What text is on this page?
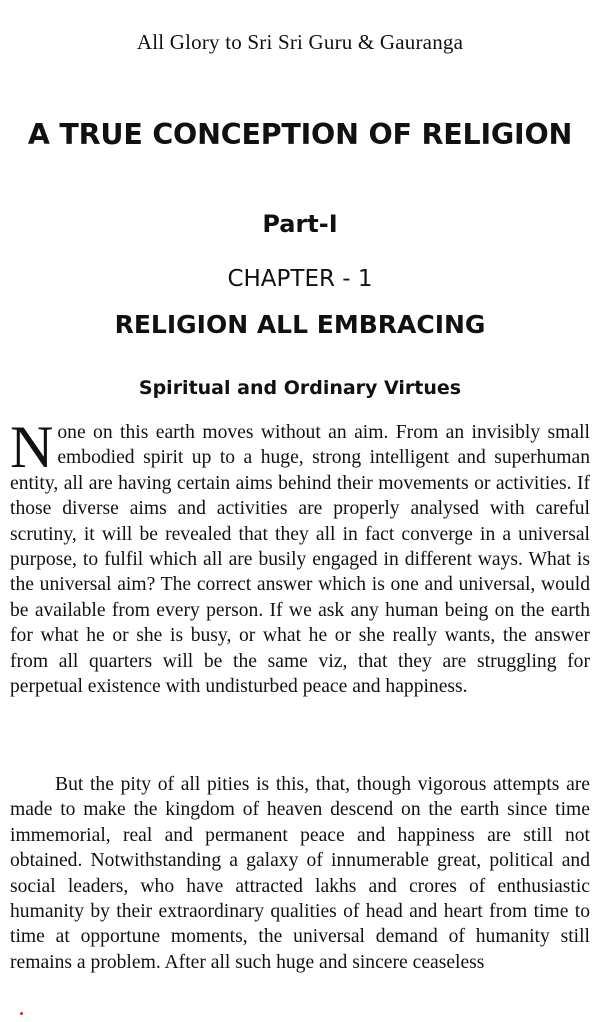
All Glory to Sri Sri Guru & Gauranga
A TRUE CONCEPTION OF RELIGION
Part-I
CHAPTER - 1
RELIGION ALL EMBRACING
Spiritual and Ordinary Virtues

None on this earth moves without an aim. From an invisibly small embodied spirit up to a huge, strong intelligent and superhuman entity, all are having certain aims behind their movements or activities. If those diverse aims and activities are properly analysed with careful scrutiny, it will be revealed that they all in fact converge in a universal purpose, to fulfil which all are busily engaged in different ways. What is the universal aim? The correct answer which is one and universal, would be available from every person. If we ask any human being on the earth for what he or she is busy, or what he or she really wants, the answer from all quarters will be the same viz, that they are struggling for perpetual existence with undisturbed peace and happiness.

But the pity of all pities is this, that, though vigorous attempts are made to make the kingdom of heaven descend on the earth since time immemorial, real and permanent peace and happiness are still not obtained. Notwithstanding a galaxy of innumerable great, political and social leaders, who have attracted lakhs and crores of enthusiastic humanity by their extraordinary qualities of head and heart from time to time at opportune moments, the universal demand of humanity still remains a problem. After all such huge and sincere ceaseless
